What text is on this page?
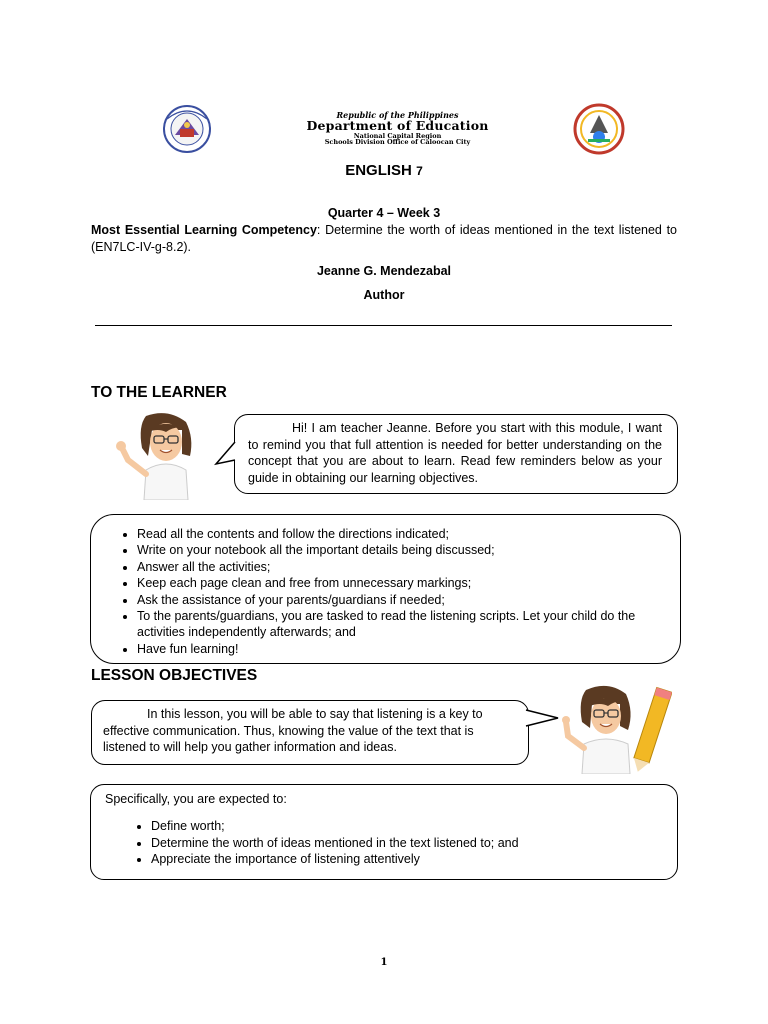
Republic of the Philippines
Department of Education
National Capital Region
Schools Division Office of Caloocan City
ENGLISH 7
Quarter 4 – Week 3
Most Essential Learning Competency: Determine the worth of ideas mentioned in the text listened to (EN7LC-IV-g-8.2).
Jeanne G. Mendezabal
Author
TO THE LEARNER
Hi! I am teacher Jeanne. Before you start with this module, I want to remind you that full attention is needed for better understanding on the concept that you are about to learn. Read few reminders below as your guide in obtaining our learning objectives.
• Read all the contents and follow the directions indicated;
• Write on your notebook all the important details being discussed;
• Answer all the activities;
• Keep each page clean and free from unnecessary markings;
• Ask the assistance of your parents/guardians if needed;
• To the parents/guardians, you are tasked to read the listening scripts. Let your child do the activities independently afterwards; and
• Have fun learning!
LESSON OBJECTIVES
In this lesson, you will be able to say that listening is a key to effective communication. Thus, knowing the value of the text that is listened to will help you gather information and ideas.
• Define worth;
• Determine the worth of ideas mentioned in the text listened to; and
• Appreciate the importance of listening attentively
Specifically, you are expected to:
1
